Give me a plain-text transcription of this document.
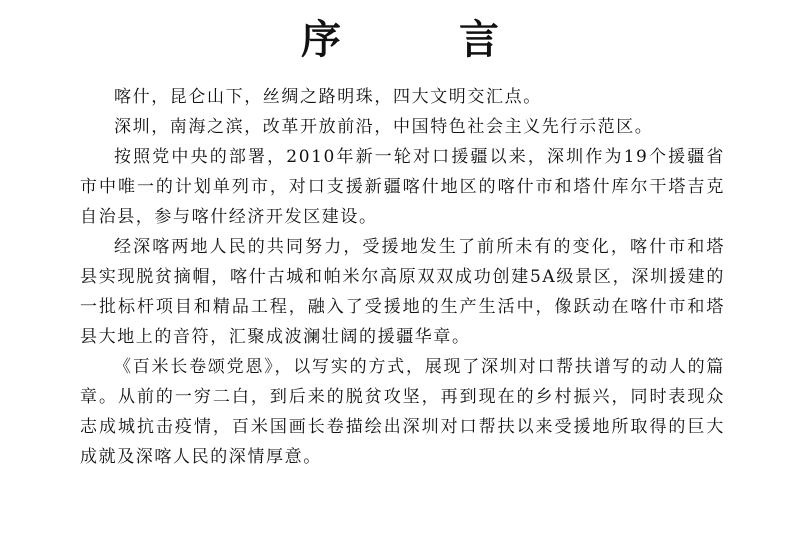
序 言

喀什，昆仑山下，丝绸之路明珠，四大文明交汇点。

深圳，南海之滨，改革开放前沿，中国特色社会主义先行示范区。

按照党中央的部署，2010年新一轮对口援疆以来，深圳作为19个援疆省市中唯一的计划单列市，对口支援新疆喀什地区的喀什市和塔什库尔干塔吉克自治县，参与喀什经济开发区建设。

经深喀两地人民的共同努力，受援地发生了前所未有的变化，喀什市和塔县实现脱贫摘帽，喀什古城和帕米尔高原双双成功创建5A级景区，深圳援建的一批标杆项目和精品工程，融入了受援地的生产生活中，像跃动在喀什市和塔县大地上的音符，汇聚成波澜壮阔的援疆华章。

《百米长卷颂党恩》，以写实的方式，展现了深圳对口帮扶谱写的动人的篇章。从前的一穷二白，到后来的脱贫攻坚，再到现在的乡村振兴，同时表现众志成城抗击疫情，百米国画长卷描绘出深圳对口帮扶以来受援地所取得的巨大成就及深喀人民的深情厚意。
